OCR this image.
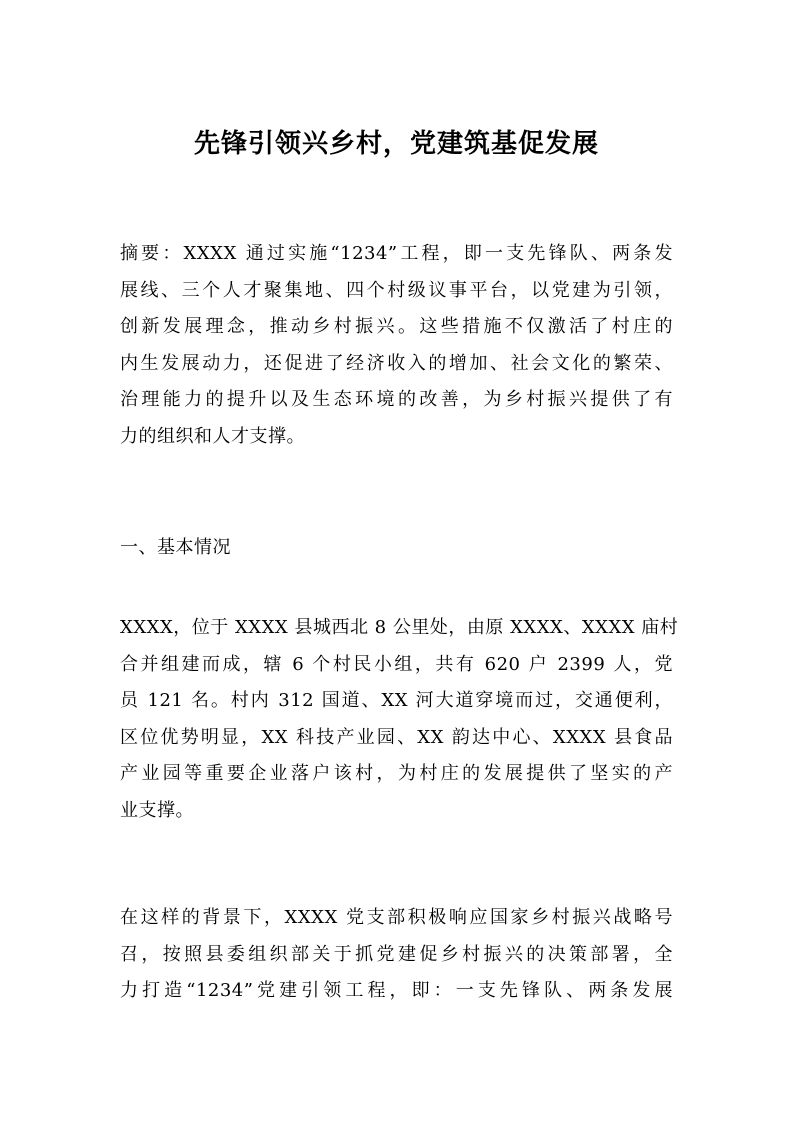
先锋引领兴乡村，党建筑基促发展
摘要：XXXX 通过实施“1234”工程，即一支先锋队、两条发
展线、三个人才聚集地、四个村级议事平台，以党建为引领，
创新发展理念，推动乡村振兴。这些措施不仅激活了村庄的
内生发展动力，还促进了经济收入的增加、社会文化的繁荣、
治理能力的提升以及生态环境的改善，为乡村振兴提供了有
力的组织和人才支撑。
一、基本情况
XXXX，位于 XXXX 县城西北 8 公里处，由原 XXXX、XXXX 庙村
合并组建而成，辖 6 个村民小组，共有 620 户 2399 人，党
员 121 名。村内 312 国道、XX 河大道穿境而过，交通便利，
区位优势明显，XX 科技产业园、XX 韵达中心、XXXX 县食品
产业园等重要企业落户该村，为村庄的发展提供了坚实的产
业支撑。
在这样的背景下，XXXX 党支部积极响应国家乡村振兴战略号
召，按照县委组织部关于抓党建促乡村振兴的决策部署，全
力打造“1234”党建引领工程，即：一支先锋队、两条发展
